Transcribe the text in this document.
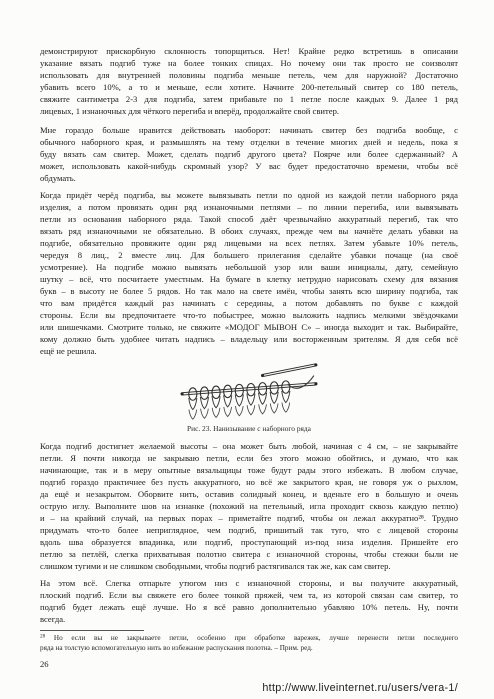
демонстрируют прискорбную склонность топорщиться. Нет! Крайне редко встретишь в описании
указание вязать подгиб туже на более тонких спицах. Но почему они так просто не соизволят
использовать для внутренней половины подгиба меньше петель, чем для наружной? Достаточно
убавить всего 10%, а то и меньше, если хотите. Начните 200-петельный свитер со 180 петель,
свяжите сантиметра 2-3 для подгиба, затем прибавьте по 1 петле после каждых 9. Далее 1 ряд
лицевых, 1 изнаночных для чёткого перегиба и вперёд, продолжайте свой свитер.
Мне гораздо больше нравится действовать наоборот: начинать свитер без подгиба вообще, с
обычного наборного края, и размышлять на тему отделки в течение многих дней и недель, пока я
буду вязать сам свитер. Может, сделать подгиб другого цвета? Поярче или более сдержанный? А
может, использовать какой-нибудь скромный узор? У вас будет предостаточно времени, чтобы всё
обдумать.
Когда придёт черёд подгиба, вы можете вывязывать петли по одной из каждой петли наборного ряда
изделия, а потом провязать один ряд изнаночными петлями – по линии перегиба, или вывязывать
петли из основания наборного ряда. Такой способ даёт чрезвычайно аккуратный перегиб, так что
вязать ряд изнаночными не обязательно. В обоих случаях, прежде чем вы начнёте делать убавки на
подгибе, обязательно провяжите один ряд лицевыми на всех петлях. Затем убавьте 10% петель,
чередуя 8 лиц., 2 вместе лиц. Для большего прилегания сделайте убавки почаще (на своё
усмотрение). На подгибе можно вывязать небольшой узор или ваши инициалы, дату, семейную
шутку – всё, что посчитаете уместным. На бумаге в клетку нетрудно нарисовать схему для вязания
букв – в высоту не более 5 рядов. Но так мало на свете имён, чтобы занять всю ширину подгиба, так
что вам придётся каждый раз начинать с середины, а потом добавлять по букве с каждой
стороны. Если вы предпочитаете что-то побыстрее, можно выложить надпись мелкими звёздочками
или шишечками. Смотрите только, не свяжите «МОДОГ МЫВОН С» – иногда выходит и так. Выбирайте,
кому должно быть удобнее читать надпись – владельцу или восторженным зрителям. Я для себя всё
ещё не решила.
Рис. 23. Нанизывание с наборного ряда
Когда подгиб достигнет желаемой высоты – она может быть любой, начиная с 4 см, – не закрывайте
петли. Я почти никогда не закрываю петли, если без этого можно обойтись, и думаю, что как
начинающие, так и в меру опытные вязальщицы тоже будут рады этого избежать. В любом случае,
подгиб гораздо практичнее без пусть аккуратного, но всё же закрытого края, не говоря уж о рыхлом,
да ещё и незакрытом. Оборвите нить, оставив солидный конец, и вденьте его в большую и очень
острую иглу. Выполните шов на изнанке (похожий на петельный, игла проходит сквозь каждую петлю)
и – на крайний случай, на первых порах – приметайте подгиб, чтобы он лежал аккуратно²⁸. Трудно
придумать что-то более неприглядное, чем подгиб, пришитый так туго, что с лицевой стороны
вдоль шва образуется впадинка, или подгиб, проступающий из-под низа изделия. Пришейте его
петлю за петлёй, слегка прихватывая полотно свитера с изнаночной стороны, чтобы стежки были не
слишком тугими и не слишком свободными, чтобы подгиб растягивался так же, как сам свитер.
На этом всё. Слегка отпарьте утюгом низ с изнаночной стороны, и вы получите аккуратный,
плоский подгиб. Если вы свяжете его более тонкой пряжей, чем та, из которой связан сам свитер, то
подгиб будет лежать ещё лучше. Но я всё равно дополнительно убавляю 10% петель. Ну, почти
всегда.
$^{28}$ Но если вы не закрываете петли, особенно при обработке варежек, лучше перенести петли последнего
ряда на толстую вспомогательную нить во избежание распускания полотна. – Прим. ред.
26
http://www.liveinternet.ru/users/vera-1/
